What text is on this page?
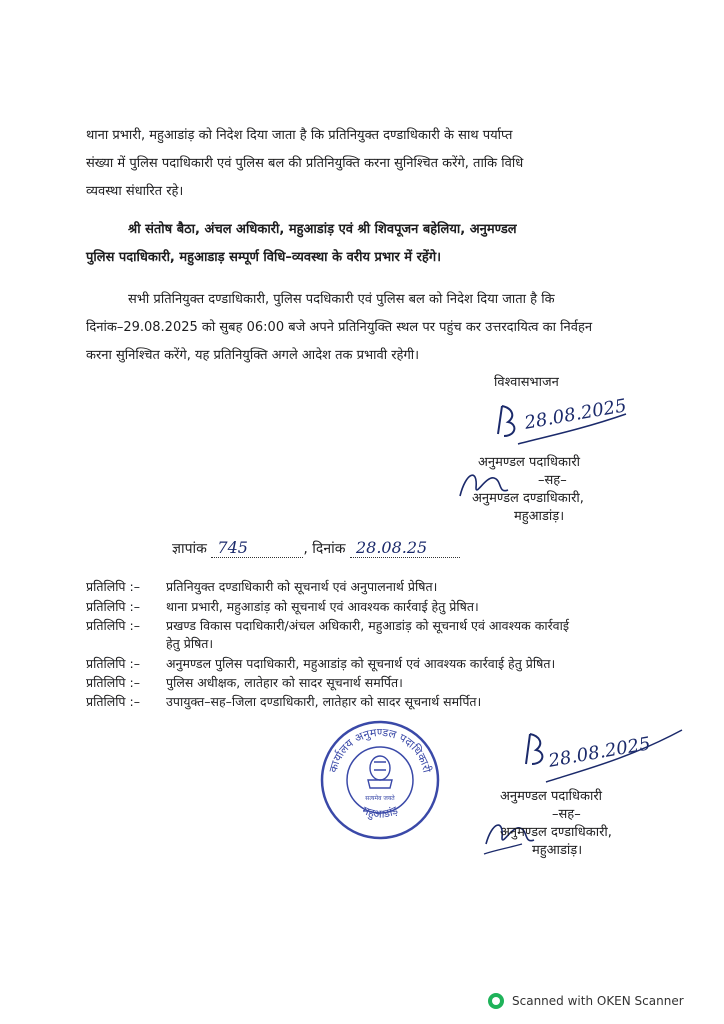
थाना प्रभारी, महुआडांड़ को निदेश दिया जाता है कि प्रतिनियुक्त दण्डाधिकारी के साथ पर्याप्त
संख्या में पुलिस पदाधिकारी एवं पुलिस बल की प्रतिनियुक्ति करना सुनिश्चित करेंगे, ताकि विधि
व्यवस्था संधारित रहे।
श्री संतोष बैठा, अंचल अधिकारी, महुआडांड़ एवं श्री शिवपूजन बहेलिया, अनुमण्डल
पुलिस पदाधिकारी, महुआडाड़ सम्पूर्ण विधि–व्यवस्था के वरीय प्रभार में रहेंगे।
सभी प्रतिनियुक्त दण्डाधिकारी, पुलिस पदधिकारी एवं पुलिस बल को निदेश दिया जाता है कि
दिनांक–29.08.2025 को सुबह 06:00 बजे अपने प्रतिनियुक्ति स्थल पर पहुंच कर उत्तरदायित्व का निर्वहन
करना सुनिश्चित करेंगे, यह प्रतिनियुक्ति अगले आदेश तक प्रभावी रहेगी।
विश्वासभाजन
28.08.2025
अनुमण्डल पदाधिकारी
–सह–
अनुमण्डल दण्डाधिकारी,
महुआडांड़।
ज्ञापांक 745	, दिनांक 28.08.25
प्रतिलिपि :– प्रतिनियुक्त दण्डाधिकारी को सूचनार्थ एवं अनुपालनार्थ प्रेषित।
प्रतिलिपि :– थाना प्रभारी, महुआडांड़ को सूचनार्थ एवं आवश्यक कार्रवाई हेतु प्रेषित।
प्रतिलिपि :– प्रखण्ड विकास पदाधिकारी/अंचल अधिकारी, महुआडांड़ को सूचनार्थ एवं आवश्यक कार्रवाई
हेतु प्रेषित।
प्रतिलिपि :– अनुमण्डल पुलिस पदाधिकारी, महुआडांड़ को सूचनार्थ एवं आवश्यक कार्रवाई हेतु प्रेषित।
प्रतिलिपि :– पुलिस अधीक्षक, लातेहार को सादर सूचनार्थ समर्पित।
प्रतिलिपि :– उपायुक्त–सह–जिला दण्डाधिकारी, लातेहार को सादर सूचनार्थ समर्पित।
कार्यालय अनुमण्डल पदाधिकारी
महुआडांड़
सत्यमेव जयते
28.08.2025
अनुमण्डल पदाधिकारी
–सह–
अनुमण्डल दण्डाधिकारी,
महुआडांड़।
Scanned with OKEN Scanner
